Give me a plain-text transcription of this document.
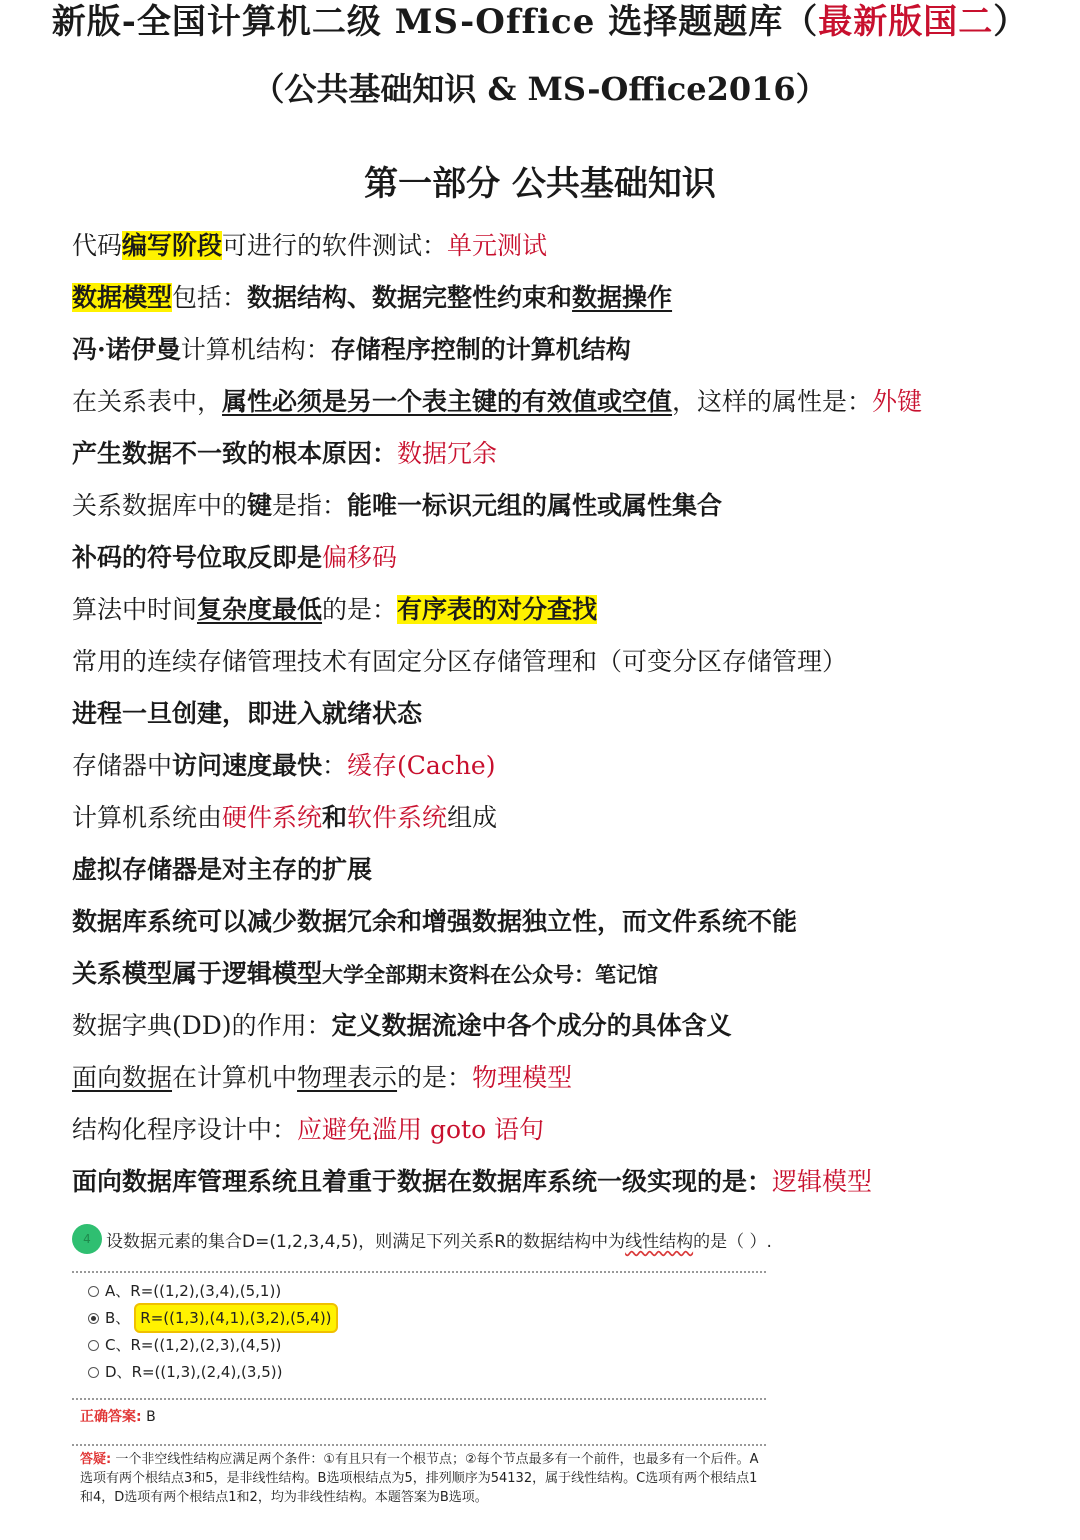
新版-全国计算机二级 MS-Office 选择题题库（最新版国二）
（公共基础知识 & MS-Office2016）
第一部分 公共基础知识
代码编写阶段可进行的软件测试：单元测试
数据模型包括：数据结构、数据完整性约束和数据操作
冯·诺伊曼计算机结构：存储程序控制的计算机结构
在关系表中，属性必须是另一个表主键的有效值或空值，这样的属性是：外键
产生数据不一致的根本原因：数据冗余
关系数据库中的键是指：能唯一标识元组的属性或属性集合
补码的符号位取反即是偏移码
算法中时间复杂度最低的是：有序表的对分查找
常用的连续存储管理技术有固定分区存储管理和（可变分区存储管理）
进程一旦创建，即进入就绪状态
存储器中访问速度最快：缓存(Cache)
计算机系统由硬件系统和软件系统组成
虚拟存储器是对主存的扩展
数据库系统可以减少数据冗余和增强数据独立性，而文件系统不能
关系模型属于逻辑模型大学全部期末资料在公众号：笔记馆
数据字典(DD)的作用：定义数据流途中各个成分的具体含义
面向数据在计算机中物理表示的是：物理模型
结构化程序设计中：应避免滥用 goto 语句
面向数据库管理系统且着重于数据在数据库系统一级实现的是：逻辑模型
4 设数据元素的集合D=(1,2,3,4,5)，则满足下列关系R的数据结构中为 线性结构 的是（ ）.
A、 R=((1,2),(3,4),(5,1))
B、 R=((1,3),(4,1),(3,2),(5,4))
C、 R=((1,2),(2,3),(4,5))
D、 R=((1,3),(2,4),(3,5))
正确答案: B
答疑: 一个非空线性结构应满足两个条件：①有且只有一个根节点；②每个节点最多有一个前件，也最多有一个后件。A选项有两个根结点3和5，是非线性结构。B选项根结点为5，排列顺序为54132，属于线性结构。C选项有两个根结点1和4，D选项有两个根结点1和2，均为非线性结构。本题答案为B选项。
